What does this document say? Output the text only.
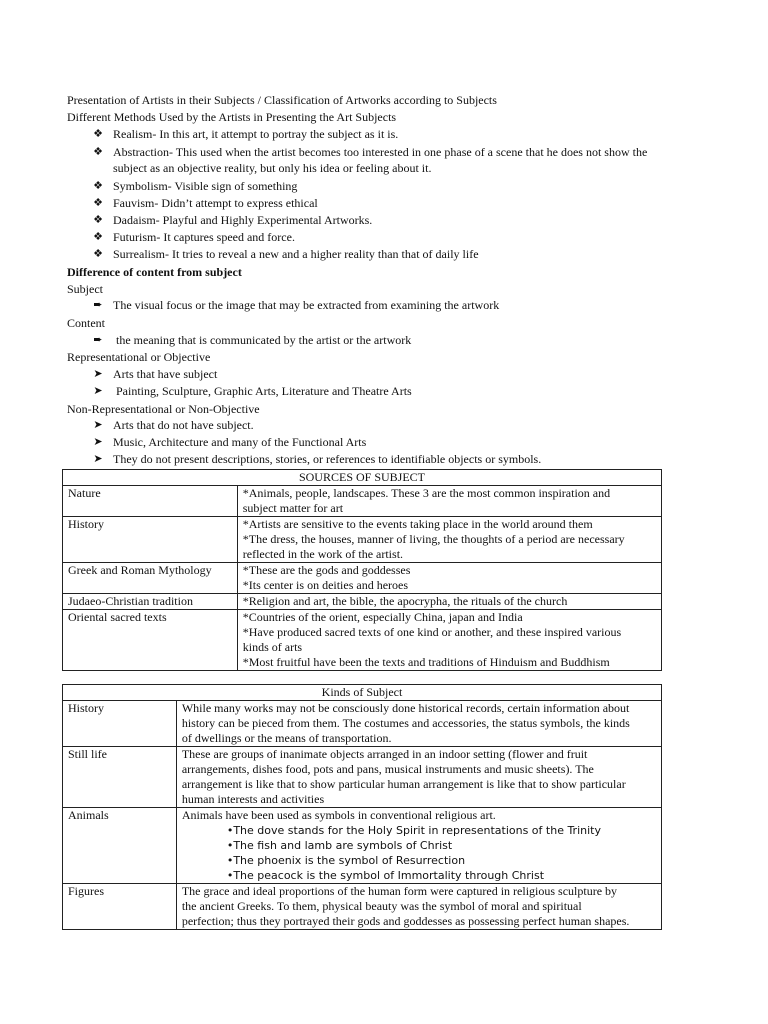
Presentation of Artists in their Subjects / Classification of Artworks according to Subjects
Different Methods Used by the Artists in Presenting the Art Subjects
❖ Realism- In this art, it attempt to portray the subject as it is.
❖ Abstraction- This used when the artist becomes too interested in one phase of a scene that he does not show the
subject as an objective reality, but only his idea or feeling about it.
❖ Symbolism- Visible sign of something
❖ Fauvism- Didn’t attempt to express ethical
❖ Dadaism- Playful and Highly Experimental Artworks.
❖ Futurism- It captures speed and force.
❖ Surrealism- It tries to reveal a new and a higher reality than that of daily life
Difference of content from subject
Subject
➨ The visual focus or the image that may be extracted from examining the artwork
Content
➨ the meaning that is communicated by the artist or the artwork
Representational or Objective
➤ Arts that have subject
➤ Painting, Sculpture, Graphic Arts, Literature and Theatre Arts
Non-Representational or Non-Objective
➤ Arts that do not have subject.
➤ Music, Architecture and many of the Functional Arts
➤ They do not present descriptions, stories, or references to identifiable objects or symbols.
SOURCES OF SUBJECT	
Nature	*Animals, people, landscapes. These 3 are the most common inspiration and
subject matter for art

History	*Artists are sensitive to the events taking place in the world around them
*The dress, the houses, manner of living, the thoughts of a period are necessary
reflected in the work of the artist.

Greek and Roman Mythology	*These are the gods and goddesses
*Its center is on deities and heroes

Judaeo-Christian tradition	*Religion and art, the bible, the apocrypha, the rituals of the church

Oriental sacred texts	*Countries of the orient, especially China, japan and India
*Have produced sacred texts of one kind or another, and these inspired various
kinds of arts
*Most fruitful have been the texts and traditions of Hinduism and Buddhism
Kinds of Subject	
History	While many works may not be consciously done historical records, certain information about
history can be pieced from them. The costumes and accessories, the status symbols, the kinds
of dwellings or the means of transportation.

Still life	These are groups of inanimate objects arranged in an indoor setting (flower and fruit
arrangements, dishes food, pots and pans, musical instruments and music sheets). The
arrangement is like that to show particular human arrangement is like that to show particular
human interests and activities

Animals	Animals have been used as symbols in conventional religious art.
•The dove stands for the Holy Spirit in representations of the Trinity
•The fish and lamb are symbols of Christ
•The phoenix is the symbol of Resurrection
•The peacock is the symbol of Immortality through Christ

Figures	The grace and ideal proportions of the human form were captured in religious sculpture by
the ancient Greeks. To them, physical beauty was the symbol of moral and spiritual
perfection; thus they portrayed their gods and goddesses as possessing perfect human shapes.
